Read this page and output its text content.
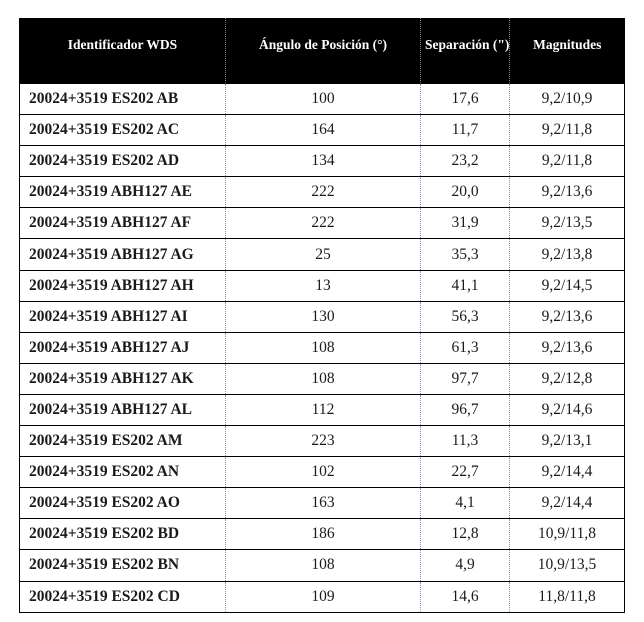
Identificador WDS	Ángulo de Posición (°)	Separación (")	Magnitudes
20024+3519 ES202 AB	100	17,6	9,2/10,9
20024+3519 ES202 AC	164	11,7	9,2/11,8
20024+3519 ES202 AD	134	23,2	9,2/11,8
20024+3519 ABH127 AE	222	20,0	9,2/13,6
20024+3519 ABH127 AF	222	31,9	9,2/13,5
20024+3519 ABH127 AG	25	35,3	9,2/13,8
20024+3519 ABH127 AH	13	41,1	9,2/14,5
20024+3519 ABH127 AI	130	56,3	9,2/13,6
20024+3519 ABH127 AJ	108	61,3	9,2/13,6
20024+3519 ABH127 AK	108	97,7	9,2/12,8
20024+3519 ABH127 AL	112	96,7	9,2/14,6
20024+3519 ES202 AM	223	11,3	9,2/13,1
20024+3519 ES202 AN	102	22,7	9,2/14,4
20024+3519 ES202 AO	163	4,1	9,2/14,4
20024+3519 ES202 BD	186	12,8	10,9/11,8
20024+3519 ES202 BN	108	4,9	10,9/13,5
20024+3519 ES202 CD	109	14,6	11,8/11,8
